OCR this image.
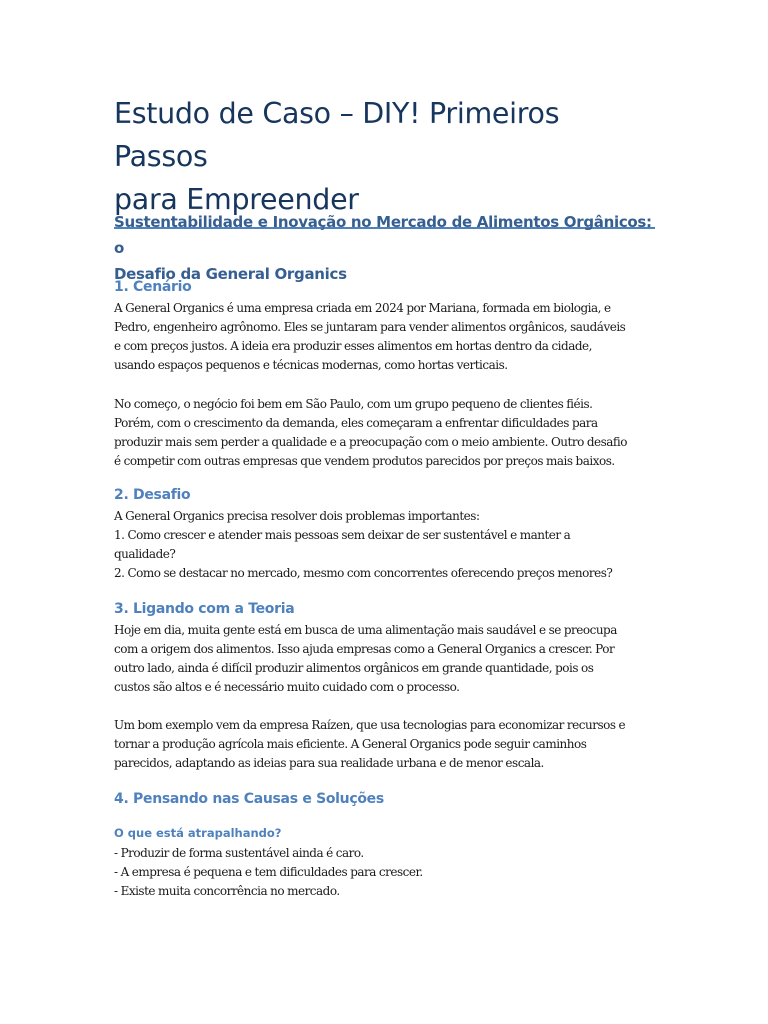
Estudo de Caso – DIY! Primeiros Passos
para Empreender
Sustentabilidade e Inovação no Mercado de Alimentos Orgânicos: o
Desafio da General Organics
1. Cenário
A General Organics é uma empresa criada em 2024 por Mariana, formada em biologia, e
Pedro, engenheiro agrônomo. Eles se juntaram para vender alimentos orgânicos, saudáveis
e com preços justos. A ideia era produzir esses alimentos em hortas dentro da cidade,
usando espaços pequenos e técnicas modernas, como hortas verticais.
No começo, o negócio foi bem em São Paulo, com um grupo pequeno de clientes fiéis.
Porém, com o crescimento da demanda, eles começaram a enfrentar dificuldades para
produzir mais sem perder a qualidade e a preocupação com o meio ambiente. Outro desafio
é competir com outras empresas que vendem produtos parecidos por preços mais baixos.
2. Desafio
A General Organics precisa resolver dois problemas importantes:
1. Como crescer e atender mais pessoas sem deixar de ser sustentável e manter a
qualidade?
2. Como se destacar no mercado, mesmo com concorrentes oferecendo preços menores?
3. Ligando com a Teoria
Hoje em dia, muita gente está em busca de uma alimentação mais saudável e se preocupa
com a origem dos alimentos. Isso ajuda empresas como a General Organics a crescer. Por
outro lado, ainda é difícil produzir alimentos orgânicos em grande quantidade, pois os
custos são altos e é necessário muito cuidado com o processo.
Um bom exemplo vem da empresa Raízen, que usa tecnologias para economizar recursos e
tornar a produção agrícola mais eficiente. A General Organics pode seguir caminhos
parecidos, adaptando as ideias para sua realidade urbana e de menor escala.
4. Pensando nas Causas e Soluções
O que está atrapalhando?
- Produzir de forma sustentável ainda é caro.
- A empresa é pequena e tem dificuldades para crescer.
- Existe muita concorrência no mercado.
